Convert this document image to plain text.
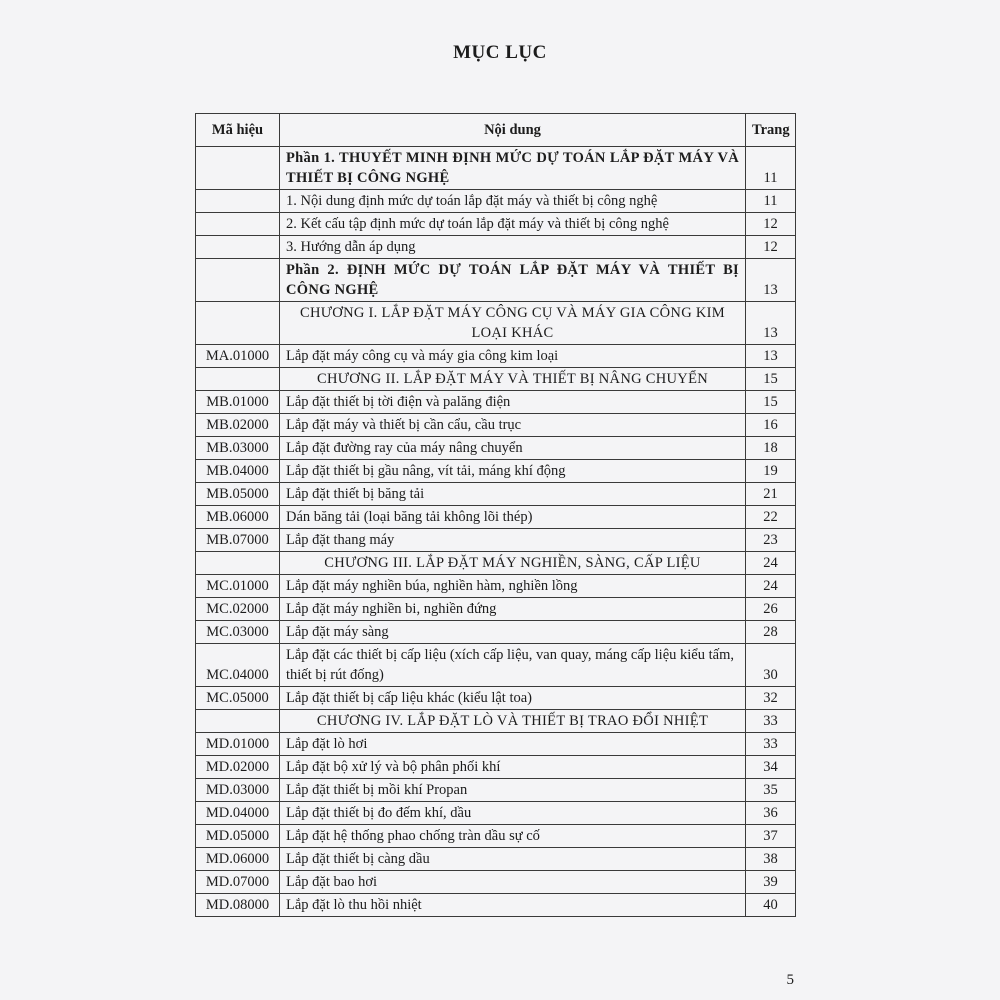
MỤC LỤC
Mã hiệu	Nội dung	Trang
	Phần 1. THUYẾT MINH ĐỊNH MỨC DỰ TOÁN LẮP ĐẶT MÁY VÀ THIẾT BỊ CÔNG NGHỆ	11
	1. Nội dung định mức dự toán lắp đặt máy và thiết bị công nghệ	11
	2. Kết cấu tập định mức dự toán lắp đặt máy và thiết bị công nghệ	12
	3. Hướng dẫn áp dụng	12
	Phần 2. ĐỊNH MỨC DỰ TOÁN LẮP ĐẶT MÁY VÀ THIẾT BỊ CÔNG NGHỆ	13
	CHƯƠNG I. LẮP ĐẶT MÁY CÔNG CỤ VÀ MÁY GIA CÔNG KIM LOẠI KHÁC	13
MA.01000	Lắp đặt máy công cụ và máy gia công kim loại	13
	CHƯƠNG II. LẮP ĐẶT MÁY VÀ THIẾT BỊ NÂNG CHUYỂN	15
MB.01000	Lắp đặt thiết bị tời điện và palăng điện	15
MB.02000	Lắp đặt máy và thiết bị cần cẩu, cầu trục	16
MB.03000	Lắp đặt đường ray của máy nâng chuyển	18
MB.04000	Lắp đặt thiết bị gầu nâng, vít tải, máng khí động	19
MB.05000	Lắp đặt thiết bị băng tải	21
MB.06000	Dán băng tải (loại băng tải không lõi thép)	22
MB.07000	Lắp đặt thang máy	23
	CHƯƠNG III. LẮP ĐẶT MÁY NGHIỀN, SÀNG, CẤP LIỆU	24
MC.01000	Lắp đặt máy nghiền búa, nghiền hàm, nghiền lồng	24
MC.02000	Lắp đặt máy nghiền bi, nghiền đứng	26
MC.03000	Lắp đặt máy sàng	28
MC.04000	Lắp đặt các thiết bị cấp liệu (xích cấp liệu, van quay, máng cấp liệu kiểu tấm, thiết bị rút đống)	30
MC.05000	Lắp đặt thiết bị cấp liệu khác (kiểu lật toa)	32
	CHƯƠNG IV. LẮP ĐẶT LÒ VÀ THIẾT BỊ TRAO ĐỔI NHIỆT	33
MD.01000	Lắp đặt lò hơi	33
MD.02000	Lắp đặt bộ xử lý và bộ phân phối khí	34
MD.03000	Lắp đặt thiết bị mồi khí Propan	35
MD.04000	Lắp đặt thiết bị đo đếm khí, dầu	36
MD.05000	Lắp đặt hệ thống phao chống tràn dầu sự cố	37
MD.06000	Lắp đặt thiết bị càng dầu	38
MD.07000	Lắp đặt bao hơi	39
MD.08000	Lắp đặt lò thu hồi nhiệt	40
5
